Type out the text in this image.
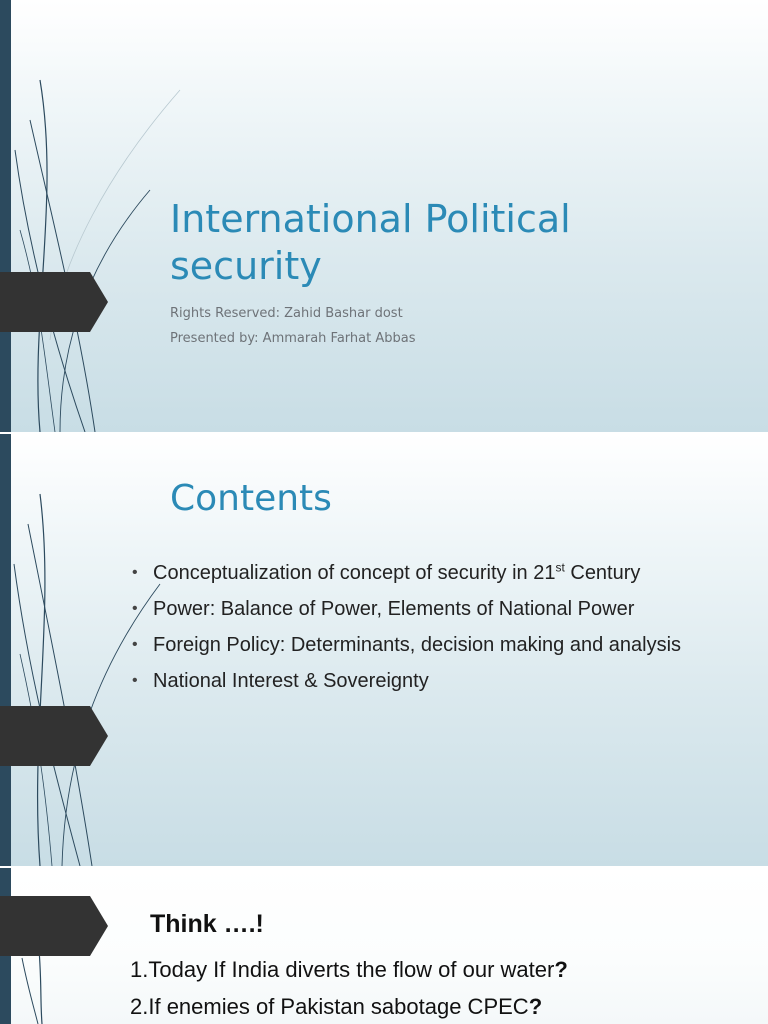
International Political
security
Rights Reserved: Zahid Bashar dost
Presented by: Ammarah Farhat Abbas
Contents
• Conceptualization of concept of security in 21st Century
• Power: Balance of Power, Elements of National Power
• Foreign Policy: Determinants, decision making and analysis
• National Interest & Sovereignty
Think ….!

1.Today If India diverts the flow of our water?

2.If enemies of Pakistan sabotage CPEC?
